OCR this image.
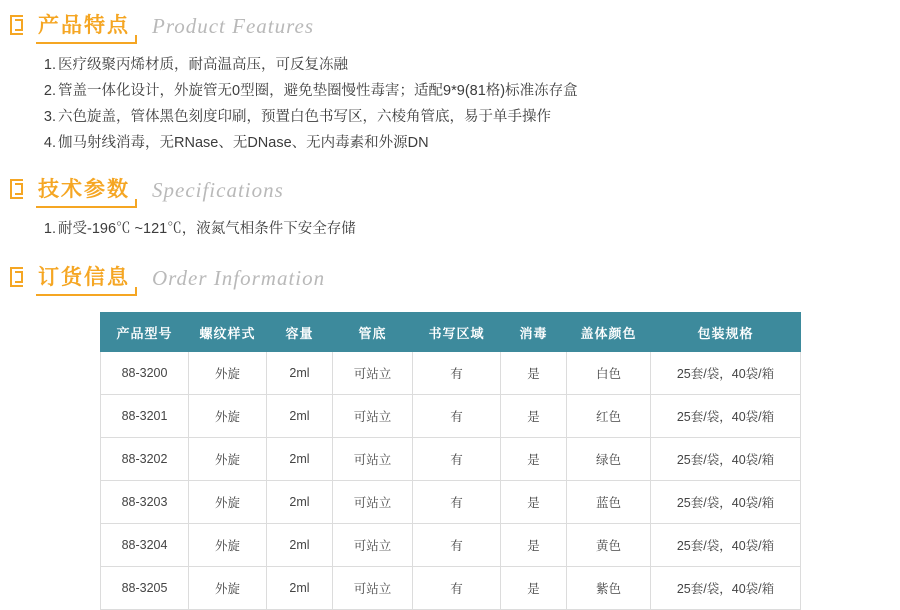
产品特点 Product Features
1. 医疗级聚丙烯材质，耐高温高压，可反复冻融
2. 管盖一体化设计，外旋管无0型圈，避免垫圈慢性毒害；适配9*9(81格)标准冻存盒
3. 六色旋盖，管体黑色刻度印刷，预置白色书写区，六棱角管底，易于单手操作
4. 伽马射线消毒，无RNase、无DNase、无内毒素和外源DN
技术参数 Specifications
1. 耐受-196℃ ~121℃，液氮气相条件下安全存储
订货信息 Order Information
产品型号	螺纹样式	容量	管底	书写区域	消毒	盖体颜色	包装规格
88-3200	外旋	2ml	可站立	有	是	白色	25套/袋，40袋/箱
88-3201	外旋	2ml	可站立	有	是	红色	25套/袋，40袋/箱
88-3202	外旋	2ml	可站立	有	是	绿色	25套/袋，40袋/箱
88-3203	外旋	2ml	可站立	有	是	蓝色	25套/袋，40袋/箱
88-3204	外旋	2ml	可站立	有	是	黄色	25套/袋，40袋/箱
88-3205	外旋	2ml	可站立	有	是	紫色	25套/袋，40袋/箱
